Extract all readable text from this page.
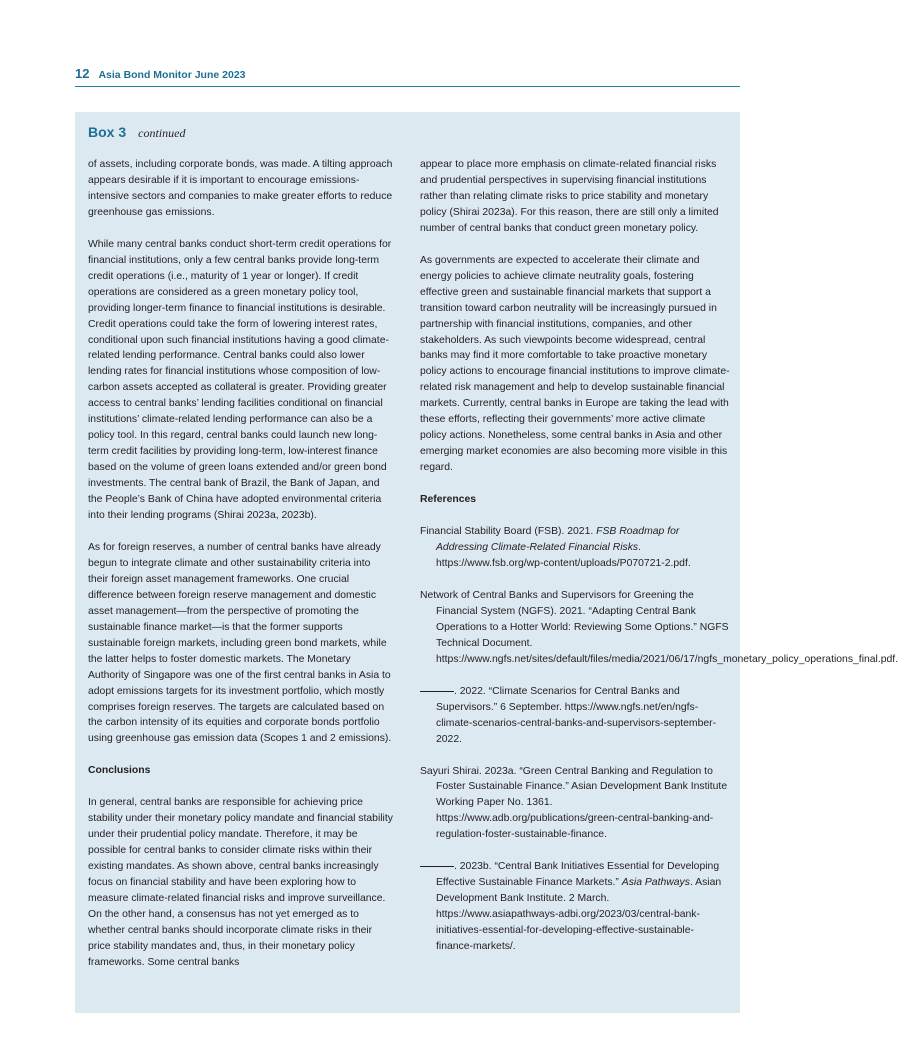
12 Asia Bond Monitor June 2023
Box 3 continued

of assets, including corporate bonds, was made. A tilting approach appears desirable if it is important to encourage emissions-intensive sectors and companies to make greater efforts to reduce greenhouse gas emissions.

While many central banks conduct short-term credit operations for financial institutions, only a few central banks provide long-term credit operations (i.e., maturity of 1 year or longer). If credit operations are considered as a green monetary policy tool, providing longer-term finance to financial institutions is desirable. Credit operations could take the form of lowering interest rates, conditional upon such financial institutions having a good climate-related lending performance. Central banks could also lower lending rates for financial institutions whose composition of low-carbon assets accepted as collateral is greater. Providing greater access to central banks’ lending facilities conditional on financial institutions’ climate-related lending performance can also be a policy tool. In this regard, central banks could launch new long-term credit facilities by providing long-term, low-interest finance based on the volume of green loans extended and/or green bond investments. The central bank of Brazil, the Bank of Japan, and the People’s Bank of China have adopted environmental criteria into their lending programs (Shirai 2023a, 2023b).

As for foreign reserves, a number of central banks have already begun to integrate climate and other sustainability criteria into their foreign asset management frameworks. One crucial difference between foreign reserve management and domestic asset management—from the perspective of promoting the sustainable finance market—is that the former supports sustainable foreign markets, including green bond markets, while the latter helps to foster domestic markets. The Monetary Authority of Singapore was one of the first central banks in Asia to adopt emissions targets for its investment portfolio, which mostly comprises foreign reserves. The targets are calculated based on the carbon intensity of its equities and corporate bonds portfolio using greenhouse gas emission data (Scopes 1 and 2 emissions).

Conclusions

In general, central banks are responsible for achieving price stability under their monetary policy mandate and financial stability under their prudential policy mandate. Therefore, it may be possible for central banks to consider climate risks within their existing mandates. As shown above, central banks increasingly focus on financial stability and have been exploring how to measure climate-related financial risks and improve surveillance. On the other hand, a consensus has not yet emerged as to whether central banks should incorporate climate risks in their price stability mandates and, thus, in their monetary policy frameworks. Some central banks

appear to place more emphasis on climate-related financial risks and prudential perspectives in supervising financial institutions rather than relating climate risks to price stability and monetary policy (Shirai 2023a). For this reason, there are still only a limited number of central banks that conduct green monetary policy.

As governments are expected to accelerate their climate and energy policies to achieve climate neutrality goals, fostering effective green and sustainable financial markets that support a transition toward carbon neutrality will be increasingly pursued in partnership with financial institutions, companies, and other stakeholders. As such viewpoints become widespread, central banks may find it more comfortable to take proactive monetary policy actions to encourage financial institutions to improve climate-related risk management and help to develop sustainable financial markets. Currently, central banks in Europe are taking the lead with these efforts, reflecting their governments’ more active climate policy actions. Nonetheless, some central banks in Asia and other emerging market economies are also becoming more visible in this regard.

References
Financial Stability Board (FSB). 2021. FSB Roadmap for Addressing Climate-Related Financial Risks. https://www.fsb.org/wp-content/uploads/P070721-2.pdf.
Network of Central Banks and Supervisors for Greening the Financial System (NGFS). 2021. “Adapting Central Bank Operations to a Hotter World: Reviewing Some Options.” NGFS Technical Document. https://www.ngfs.net/sites/default/files/media/2021/06/17/ngfs_monetary_policy_operations_final.pdf.
. 2022. “Climate Scenarios for Central Banks and Supervisors.” 6 September. https://www.ngfs.net/en/ngfs-climate-scenarios-central-banks-and-supervisors-september-2022.
Sayuri Shirai. 2023a. “Green Central Banking and Regulation to Foster Sustainable Finance.” Asian Development Bank Institute Working Paper No. 1361. https://www.adb.org/publications/green-central-banking-and-regulation-foster-sustainable-finance.
. 2023b. “Central Bank Initiatives Essential for Developing Effective Sustainable Finance Markets.” Asia Pathways. Asian Development Bank Institute. 2 March. https://www.asiapathways-adbi.org/2023/03/central-bank-initiatives-essential-for-developing-effective-sustainable-finance-markets/.
